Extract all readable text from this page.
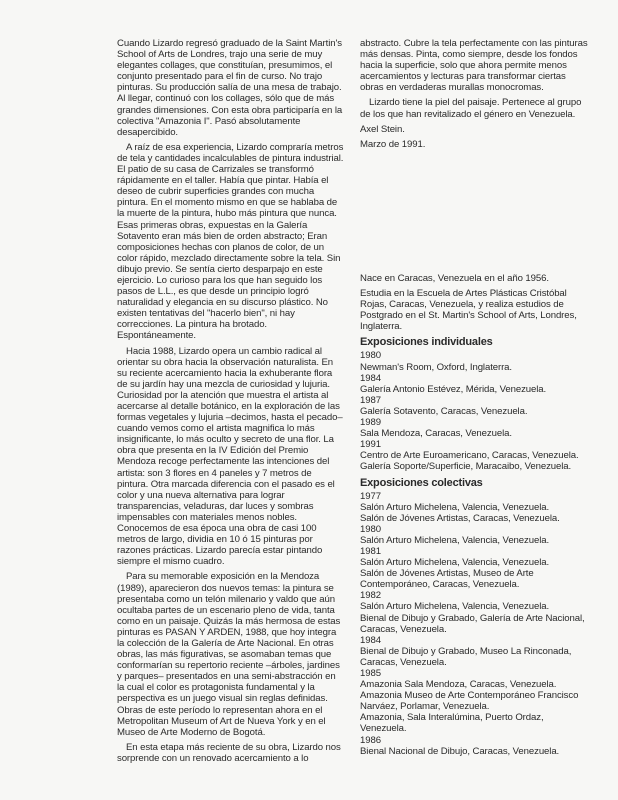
Cuando Lizardo regresó graduado de la Saint Martin's School of Arts de Londres, trajo una serie de muy elegantes collages, que constituían, presumimos, el conjunto presentado para el fin de curso. No trajo pinturas. Su producción salía de una mesa de trabajo. Al llegar, continuó con los collages, sólo que de más grandes dimensiones. Con esta obra participaría en la colectiva "Amazonia I". Pasó absolutamente desapercibido.

A raíz de esa experiencia, Lizardo compraría metros de tela y cantidades incalculables de pintura industrial. El patio de su casa de Carrizales se transformó rápidamente en el taller. Había que pintar. Había el deseo de cubrir superficies grandes con mucha pintura. En el momento mismo en que se hablaba de la muerte de la pintura, hubo más pintura que nunca. Esas primeras obras, expuestas en la Galería Sotavento eran más bien de orden abstracto; Eran composiciones hechas con planos de color, de un color rápido, mezclado directamente sobre la tela. Sin dibujo previo. Se sentía cierto desparpajo en este ejercicio. Lo curioso para los que han seguido los pasos de L.L., es que desde un principio logró naturalidad y elegancia en su discurso plástico. No existen tentativas del "hacerlo bien", ni hay correcciones. La pintura ha brotado. Espontáneamente.

Hacia 1988, Lizardo opera un cambio radical al orientar su obra hacia la observación naturalista. En su reciente acercamiento hacia la exhuberante flora de su jardín hay una mezcla de curiosidad y lujuria. Curiosidad por la atención que muestra el artista al acercarse al detalle botánico, en la exploración de las formas vegetales y lujuria –decimos, hasta el pecado– cuando vemos como el artista magnifica lo más insignificante, lo más oculto y secreto de una flor. La obra que presenta en la IV Edición del Premio Mendoza recoge perfectamente las intenciones del artista: son 3 flores en 4 paneles y 7 metros de pintura. Otra marcada diferencia con el pasado es el color y una nueva alternativa para lograr transparencias, veladuras, dar luces y sombras impensables con materiales menos nobles. Conocemos de esa época una obra de casi 100 metros de largo, dividia en 10 ó 15 pinturas por razones prácticas. Lizardo parecía estar pintando siempre el mismo cuadro.

Para su memorable exposición en la Mendoza (1989), aparecieron dos nuevos temas: la pintura se presentaba como un telón milenario y valdo que aún ocultaba partes de un escenario pleno de vida, tanta como en un paisaje. Quizás la más hermosa de estas pinturas es PASAN Y ARDEN, 1988, que hoy integra la colección de la Galería de Arte Nacional. En otras obras, las más figurativas, se asomaban temas que conformarían su repertorio reciente –árboles, jardines y parques– presentados en una semi-abstracción en la cual el color es protagonista fundamental y la perspectiva es un juego visual sin reglas definidas. Obras de este período lo representan ahora en el Metropolitan Museum of Art de Nueva York y en el Museo de Arte Moderno de Bogotá.

En esta etapa más reciente de su obra, Lizardo nos sorprende con un renovado acercamiento a lo

abstracto. Cubre la tela perfectamente con las pinturas más densas. Pinta, como siempre, desde los fondos hacia la superficie, solo que ahora permite menos acercamientos y lecturas para transformar ciertas obras en verdaderas murallas monocromas.

Lizardo tiene la piel del paisaje. Pertenece al grupo de los que han revitalizado el género en Venezuela.

Axel Stein.

Marzo de 1991.

Nace en Caracas, Venezuela en el año 1956.

Estudia en la Escuela de Artes Plásticas Cristóbal Rojas, Caracas, Venezuela, y realiza estudios de Postgrado en el St. Martin's School of Arts, Londres, Inglaterra.

Exposiciones individuales
1980
Newman's Room, Oxford, Inglaterra.
1984
Galería Antonio Estévez, Mérida, Venezuela.
1987
Galería Sotavento, Caracas, Venezuela.
1989
Sala Mendoza, Caracas, Venezuela.
1991
Centro de Arte Euroamericano, Caracas, Venezuela.
Galería Soporte/Superficie, Maracaibo, Venezuela.
Exposiciones colectivas
1977
Salón Arturo Michelena, Valencia, Venezuela.
Salón de Jóvenes Artistas, Caracas, Venezuela.
1980
Salón Arturo Michelena, Valencia, Venezuela.
1981
Salón Arturo Michelena, Valencia, Venezuela.
Salón de Jóvenes Artistas, Museo de Arte Contemporáneo, Caracas, Venezuela.
1982
Salón Arturo Michelena, Valencia, Venezuela.
Bienal de Dibujo y Grabado, Galería de Arte Nacional, Caracas, Venezuela.
1984
Bienal de Dibujo y Grabado, Museo La Rinconada, Caracas, Venezuela.
1985
Amazonia Sala Mendoza, Caracas, Venezuela.
Amazonia Museo de Arte Contemporáneo Francisco Narváez, Porlamar, Venezuela.
Amazonia, Sala Interalúmina, Puerto Ordaz, Venezuela.
1986
Bienal Nacional de Dibujo, Caracas, Venezuela.
